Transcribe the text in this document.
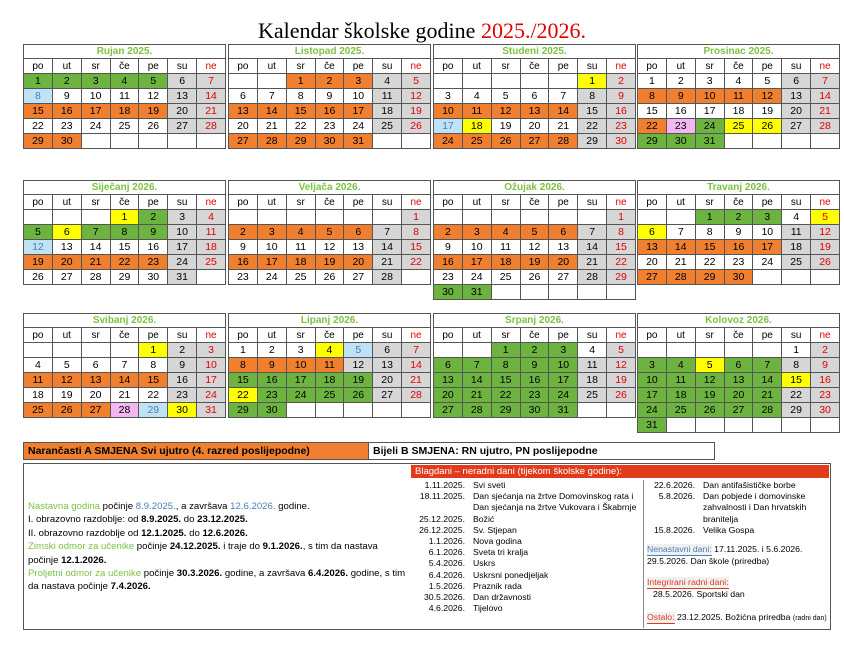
Kalendar školske godine 2025./2026.
Rujan 2025.
po	ut	sr	če	pe	su	ne
1	2	3	4	5	6	7
8	9	10	11	12	13	14
15	16	17	18	19	20	21
22	23	24	25	26	27	28
29	30					
Listopad 2025.
po	ut	sr	če	pe	su	ne
		1	2	3	4	5
6	7	8	9	10	11	12
13	14	15	16	17	18	19
20	21	22	23	24	25	26
27	28	29	30	31		
Studeni 2025.
po	ut	sr	če	pe	su	ne
					1	2
3	4	5	6	7	8	9
10	11	12	13	14	15	16
17	18	19	20	21	22	23
24	25	26	27	28	29	30
Prosinac 2025.
po	ut	sr	če	pe	su	ne
1	2	3	4	5	6	7
8	9	10	11	12	13	14
15	16	17	18	19	20	21
22	23	24	25	26	27	28
29	30	31				
Siječanj 2026.
po	ut	sr	če	pe	su	ne
			1	2	3	4
5	6	7	8	9	10	11
12	13	14	15	16	17	18
19	20	21	22	23	24	25
26	27	28	29	30	31	
Veljača 2026.
po	ut	sr	če	pe	su	ne
						1
2	3	4	5	6	7	8
9	10	11	12	13	14	15
16	17	18	19	20	21	22
23	24	25	26	27	28	
Ožujak 2026.
po	ut	sr	če	pe	su	ne
						1
2	3	4	5	6	7	8
9	10	11	12	13	14	15
16	17	18	19	20	21	22
23	24	25	26	27	28	29
30	31					
Travanj 2026.
po	ut	sr	če	pe	su	ne
		1	2	3	4	5
6	7	8	9	10	11	12
13	14	15	16	17	18	19
20	21	22	23	24	25	26
27	28	29	30			
Svibanj 2026.
po	ut	sr	če	pe	su	ne
				1	2	3
4	5	6	7	8	9	10
11	12	13	14	15	16	17
18	19	20	21	22	23	24
25	26	27	28	29	30	31
Lipanj 2026.
po	ut	sr	če	pe	su	ne
1	2	3	4	5	6	7
8	9	10	11	12	13	14
15	16	17	18	19	20	21
22	23	24	25	26	27	28
29	30					
Srpanj 2026.
po	ut	sr	če	pe	su	ne
		1	2	3	4	5
6	7	8	9	10	11	12
13	14	15	16	17	18	19
20	21	22	23	24	25	26
27	28	29	30	31		
Kolovoz 2026.
po	ut	sr	če	pe	su	ne
					1	2
3	4	5	6	7	8	9
10	11	12	13	14	15	16
17	18	19	20	21	22	23
24	25	26	27	28	29	30
31						
Narančasti A SMJENA Svi ujutro (4. razred poslijepodne)	Bijeli B SMJENA: RN ujutro, PN poslijepodne
Nastavna godina počinje 8.9.2025., a završava 12.6.2026. godine.
I. obrazovno razdoblje: od 8.9.2025. do 23.12.2025.
II. obrazovno razdoblje od 12.1.2025. do 12.6.2026.
Zimski odmor za učenike počinje 24.12.2025. i traje do 9.1.2026., s tim da nastava
počinje 12.1.2026.
Proljetni odmor za učenike počinje 30.3.2026. godine, a završava 6.4.2026. godine, s tim
da nastava počinje 7.4.2026.
Blagdani – neradni dani (tijekom školske godine):
1.11.2025. Svi sveti
18.11.2025. Dan sjećanja na žrtve Domovinskog rata i
Dan sjećanja na žrtve Vukovara i Škabrnje
25.12.2025. Božić
26.12.2025. Sv. Stjepan
1.1.2026. Nova godina
6.1.2026. Sveta tri kralja
5.4.2026. Uskrs
6.4.2026. Uskrsni ponedjeljak
1.5.2026. Praznik rada
30.5.2026. Dan državnosti
4.6.2026. Tijelovo
22.6.2026. Dan antifašističke borbe
5.8.2026. Dan pobjede i domovinske
zahvalnosti i Dan hrvatskih
branitelja
15.8.2026. Velika Gospa
Nenastavni dani: 17.11.2025. i 5.6.2026.
29.5.2026. Dan škole (priredba)
Integrirani radni dani:
28.5.2026. Sportski dan
Ostalo: 23.12.2025. Božićna priredba (radni dan)
